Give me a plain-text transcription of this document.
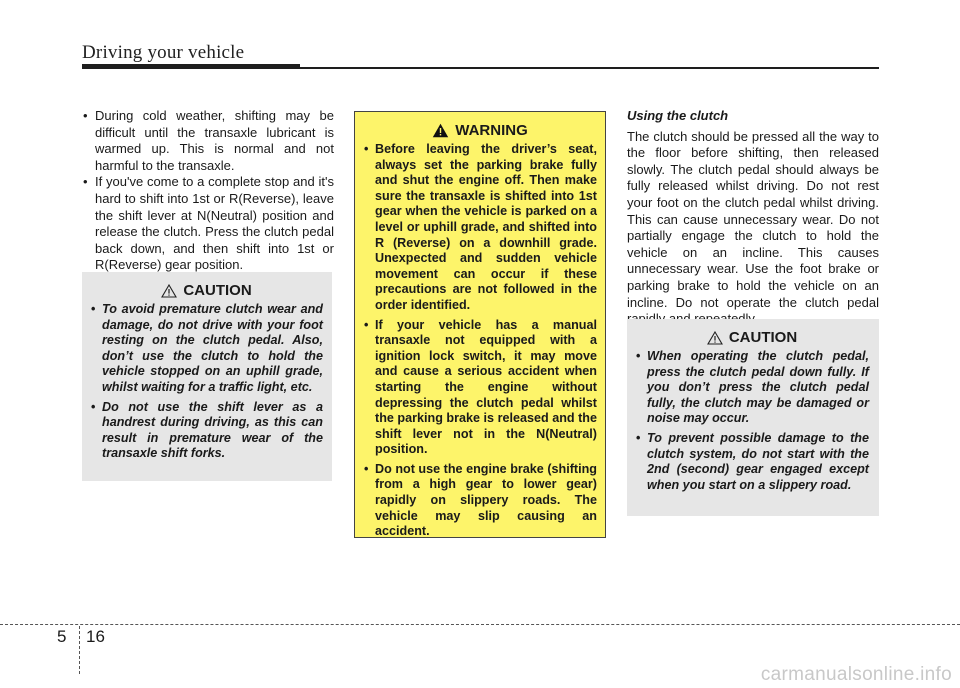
Driving your vehicle
• During cold weather, shifting may be difficult until the transaxle lubricant is warmed up. This is normal and not harmful to the transaxle.
• If you've come to a complete stop and it's hard to shift into 1st or R(Reverse), leave the shift lever at N(Neutral) position and release the clutch. Press the clutch pedal back down, and then shift into 1st or R(Reverse) gear position.
CAUTION
• To avoid premature clutch wear and damage, do not drive with your foot resting on the clutch pedal. Also, don’t use the clutch to hold the vehicle stopped on an uphill grade, whilst waiting for a traffic light, etc.
• Do not use the shift lever as a handrest during driving, as this can result in premature wear of the transaxle shift forks.
WARNING
• Before leaving the driver’s seat, always set the parking brake fully and shut the engine off. Then make sure the transaxle is shifted into 1st gear when the vehicle is parked on a level or uphill grade, and shifted into R (Reverse) on a downhill grade. Unexpected and sudden vehicle movement can occur if these precautions are not followed in the order identified.
• If your vehicle has a manual transaxle not equipped with a ignition lock switch, it may move and cause a serious accident when starting the engine without depressing the clutch pedal whilst the parking brake is released and the shift lever not in the N(Neutral) position.
• Do not use the engine brake (shifting from a high gear to lower gear) rapidly on slippery roads. The vehicle may slip causing an accident.
Using the clutch

The clutch should be pressed all the way to the floor before shifting, then released slowly. The clutch pedal should always be fully released whilst driving. Do not rest your foot on the clutch pedal whilst driving. This can cause unnecessary wear. Do not partially engage the clutch to hold the vehicle on an incline. This causes unnecessary wear. Use the foot brake or parking brake to hold the vehicle on an incline. Do not operate the clutch pedal

CAUTION
• When operating the clutch pedal, press the clutch pedal down fully. If you don’t press the clutch pedal fully, the clutch may be damaged or noise may occur.
• To prevent possible damage to the clutch system, do not start with the 2nd (second) gear engaged except when you start on a slippery road.
5 16
carmanualsonline.info
